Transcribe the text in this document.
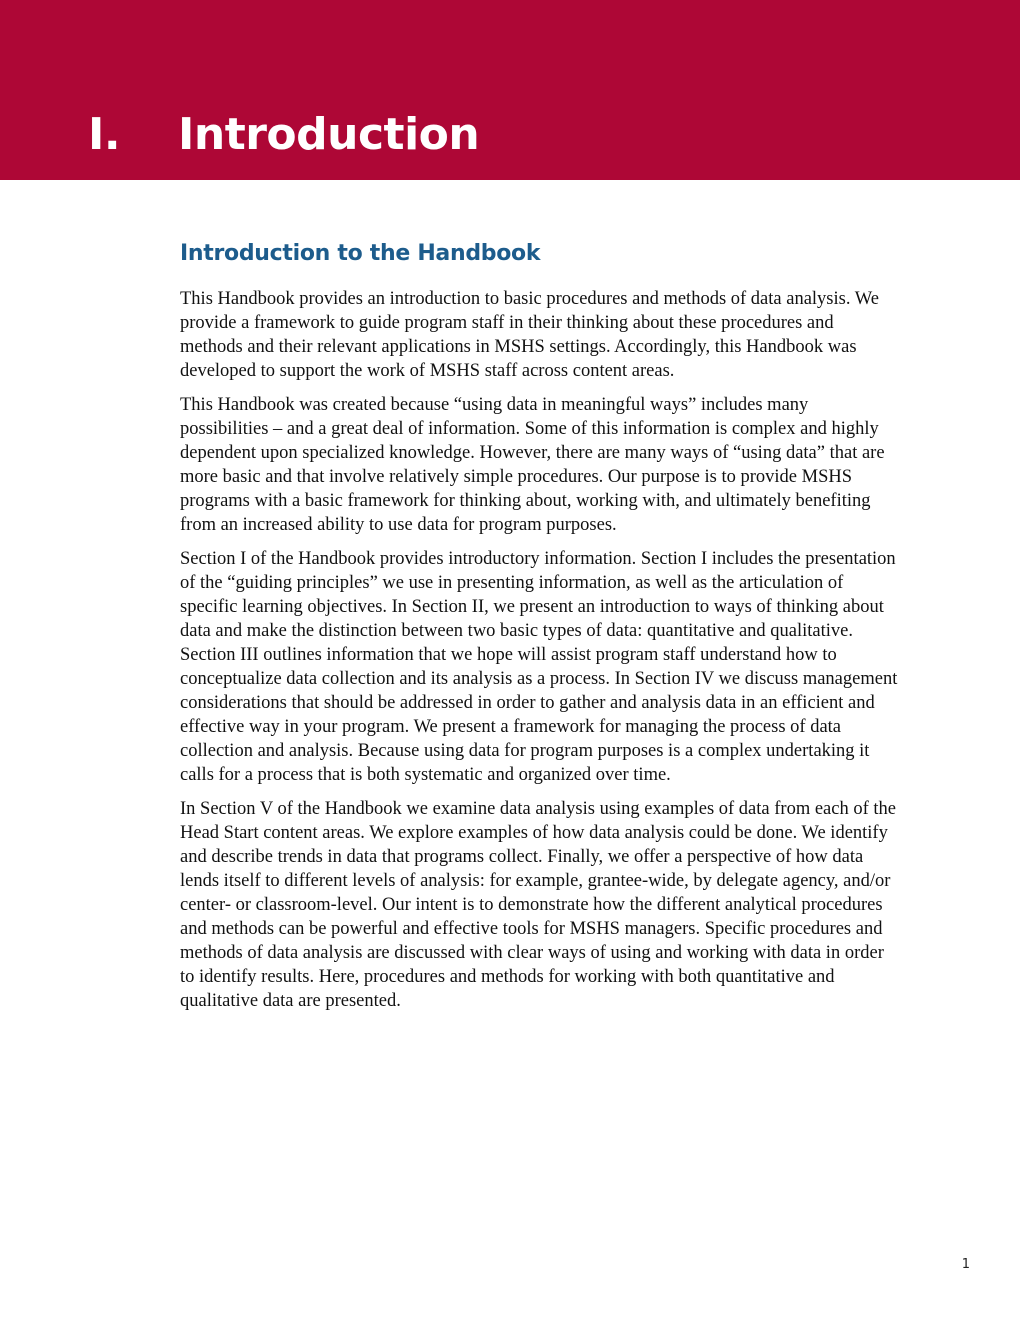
I. Introduction
Introduction to the Handbook

This Handbook provides an introduction to basic procedures and methods of data analysis. We provide a framework to guide program staff in their thinking about these procedures and methods and their relevant applications in MSHS settings. Accordingly, this Handbook was developed to support the work of MSHS staff across content areas.

This Handbook was created because “using data in meaningful ways” includes many possibilities – and a great deal of information. Some of this information is complex and highly dependent upon specialized knowledge. However, there are many ways of “using data” that are more basic and that involve relatively simple procedures. Our purpose is to provide MSHS programs with a basic framework for thinking about, working with, and ultimately benefiting from an increased ability to use data for program purposes.

Section I of the Handbook provides introductory information. Section I includes the presentation of the “guiding principles” we use in presenting information, as well as the articulation of specific learning objectives. In Section II, we present an introduction to ways of thinking about data and make the distinction between two basic types of data: quantitative and qualitative. Section III outlines information that we hope will assist program staff understand how to conceptualize data collection and its analysis as a process. In Section IV we discuss management considerations that should be addressed in order to gather and analysis data in an efficient and effective way in your program. We present a framework for managing the process of data collection and analysis. Because using data for program purposes is a complex undertaking it calls for a process that is both systematic and organized over time.

In Section V of the Handbook we examine data analysis using examples of data from each of the Head Start content areas. We explore examples of how data analysis could be done. We identify and describe trends in data that programs collect. Finally, we offer a perspective of how data lends itself to different levels of analysis: for example, grantee-wide, by delegate agency, and/or center- or classroom-level. Our intent is to demonstrate how the different analytical procedures and methods can be powerful and effective tools for MSHS managers. Specific procedures and methods of data analysis are discussed with clear ways of using and working with data in order to identify results. Here, procedures and methods for working with both quantitative and qualitative data are presented.

1
